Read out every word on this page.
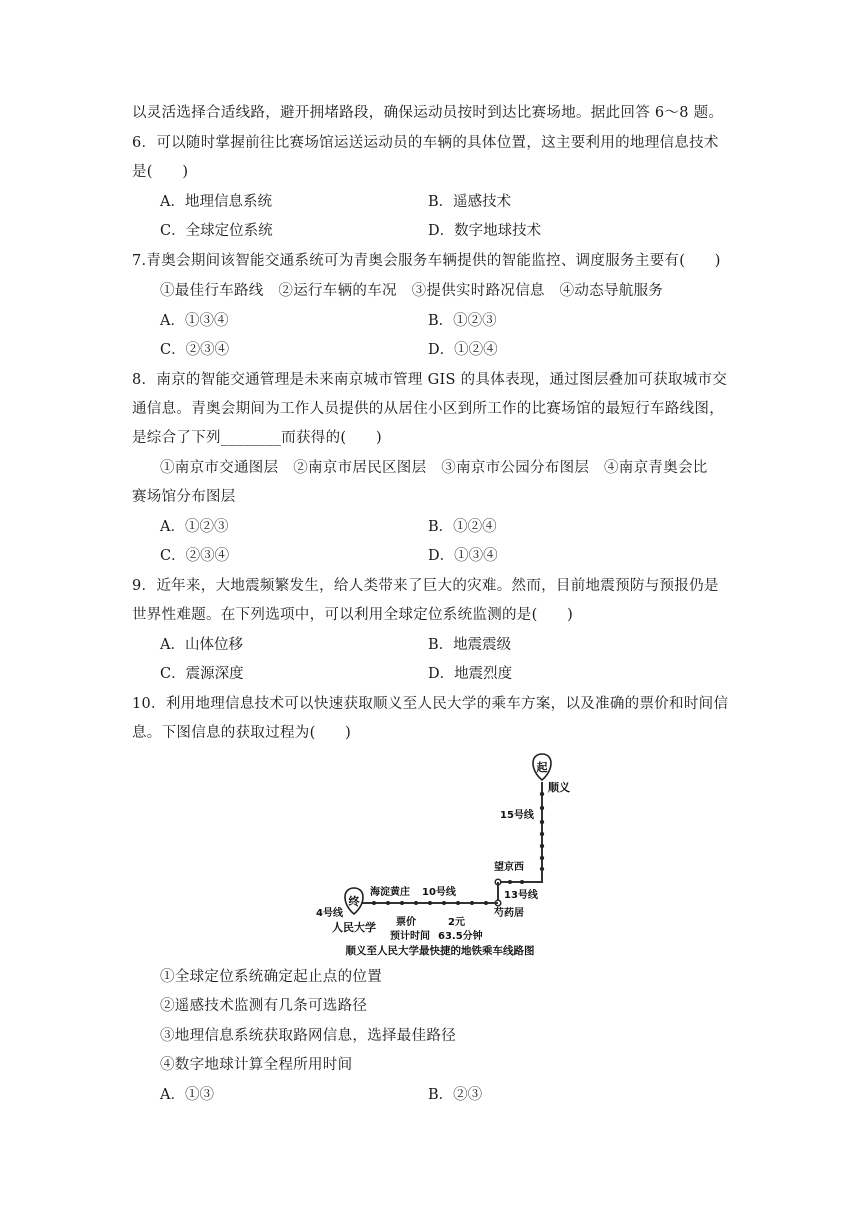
以灵活选择合适线路，避开拥堵路段，确保运动员按时到达比赛场地。据此回答 6～8 题。
6．可以随时掌握前往比赛场馆运送运动员的车辆的具体位置，这主要利用的地理信息技术
是(　　)
A．地理信息系统	B．遥感技术
C．全球定位系统	D．数字地球技术
7.青奥会期间该智能交通系统可为青奥会服务车辆提供的智能监控、调度服务主要有(　　)
①最佳行车路线　②运行车辆的车况　③提供实时路况信息　④动态导航服务
A．①③④	B．①②③
C．②③④	D．①②④
8．南京的智能交通管理是未来南京城市管理 GIS 的具体表现，通过图层叠加可获取城市交
通信息。青奥会期间为工作人员提供的从居住小区到所工作的比赛场馆的最短行车路线图，
是综合了下列________而获得的(　　)
①南京市交通图层　②南京市居民区图层　③南京市公园分布图层　④南京青奥会比
赛场馆分布图层
A．①②③	B．①②④
C．②③④	D．①③④
9．近年来，大地震频繁发生，给人类带来了巨大的灾难。然而，目前地震预防与预报仍是
世界性难题。在下列选项中，可以利用全球定位系统监测的是(　　)
A．山体位移	B．地震震级
C．震源深度	D．地震烈度
10．利用地理信息技术可以快速获取顺义至人民大学的乘车方案，以及准确的票价和时间信
息。下图信息的获取过程为(　　)
起
顺义
15号线
望京西
13号线
芍药居
海淀黄庄 10号线
终
4号线
人民大学 票价	2元
预计时间 63.5分钟
顺义至人民大学最快捷的地铁乘车线路图
①全球定位系统确定起止点的位置
②遥感技术监测有几条可选路径
③地理信息系统获取路网信息，选择最佳路径
④数字地球计算全程所用时间
A．①③	B．②③
